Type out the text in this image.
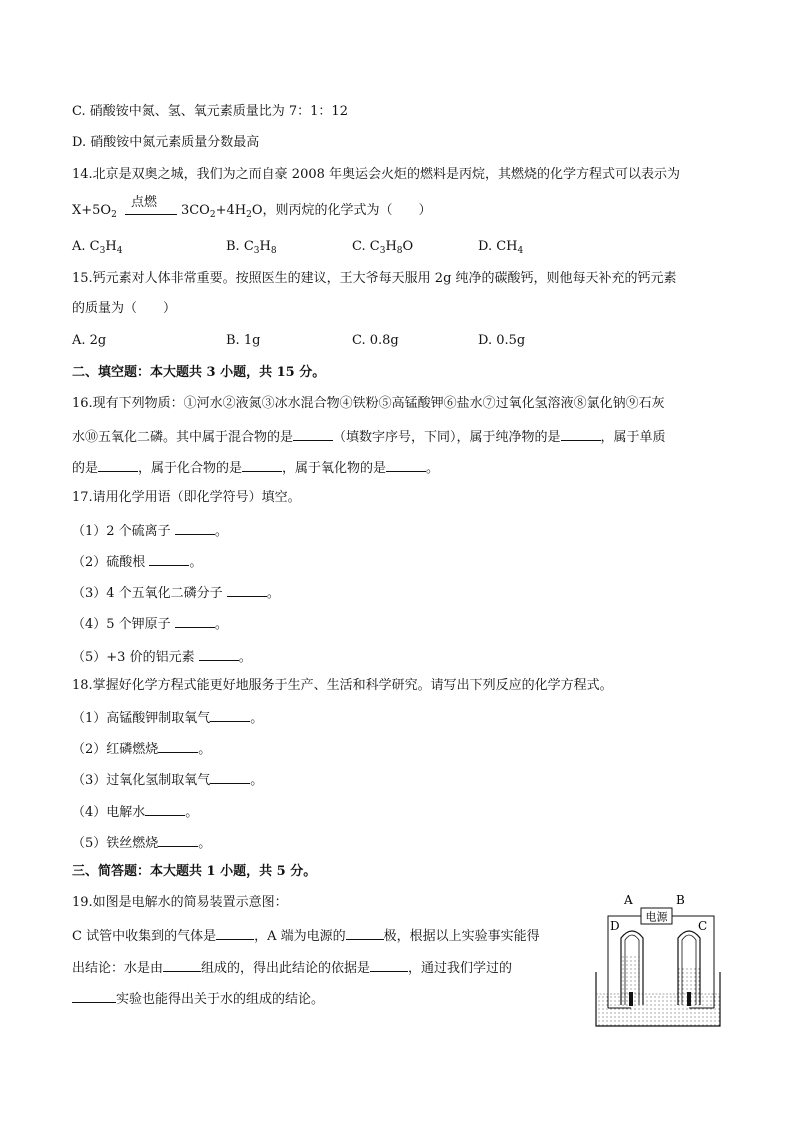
C. 硝酸铵中氮、氢、氧元素质量比为 7：1：12
D. 硝酸铵中氮元素质量分数最高
14.北京是双奥之城，我们为之而自豪 2008 年奥运会火炬的燃料是丙烷，其燃烧的化学方程式可以表示为
$X+5O_2$
点燃
$3CO_2+4H_2O$，则丙烷的化学式为（　　）
A. $C_3H_4$	B. $C_3H_8$	C. $C_3H_8O$	D. $CH_4$
15.钙元素对人体非常重要。按照医生的建议，王大爷每天服用 2g 纯净的碳酸钙，则他每天补充的钙元素
的质量为（　　）
A. 2g	B. 1g	C. 0.8g	D. 0.5g
二、填空题：本大题共 3 小题，共 15 分。
16.现有下列物质：①河水②液氮③冰水混合物④铁粉⑤高锰酸钾⑥盐水⑦过氧化氢溶液⑧氯化钠⑨石灰
水⑩五氧化二磷。其中属于混合物的是	（填数字序号，下同），属于纯净物的是	，属于单质
的是	，属于化合物的是	，属于氧化物的是	。
17.请用化学用语（即化学符号）填空。
（1）2 个硫离子	。
（2）硫酸根	。
（3）4 个五氧化二磷分子	。
（4）5 个钾原子	。
（5）+3 价的铝元素	。
18.掌握好化学方程式能更好地服务于生产、生活和科学研究。请写出下列反应的化学方程式。
（1）高锰酸钾制取氧气	。
（2）红磷燃烧	。
（3）过氧化氢制取氧气	。
（4）电解水	。
（5）铁丝燃烧	。
三、简答题：本大题共 1 小题，共 5 分。
19.如图是电解水的简易装置示意图：
C 试管中收集到的气体是	，A 端为电源的	极，根据以上实验事实能得
出结论：水是由	组成的，得出此结论的依据是	，通过我们学过的
实验也能得出关于水的组成的结论。
电源
A	B
D	C
